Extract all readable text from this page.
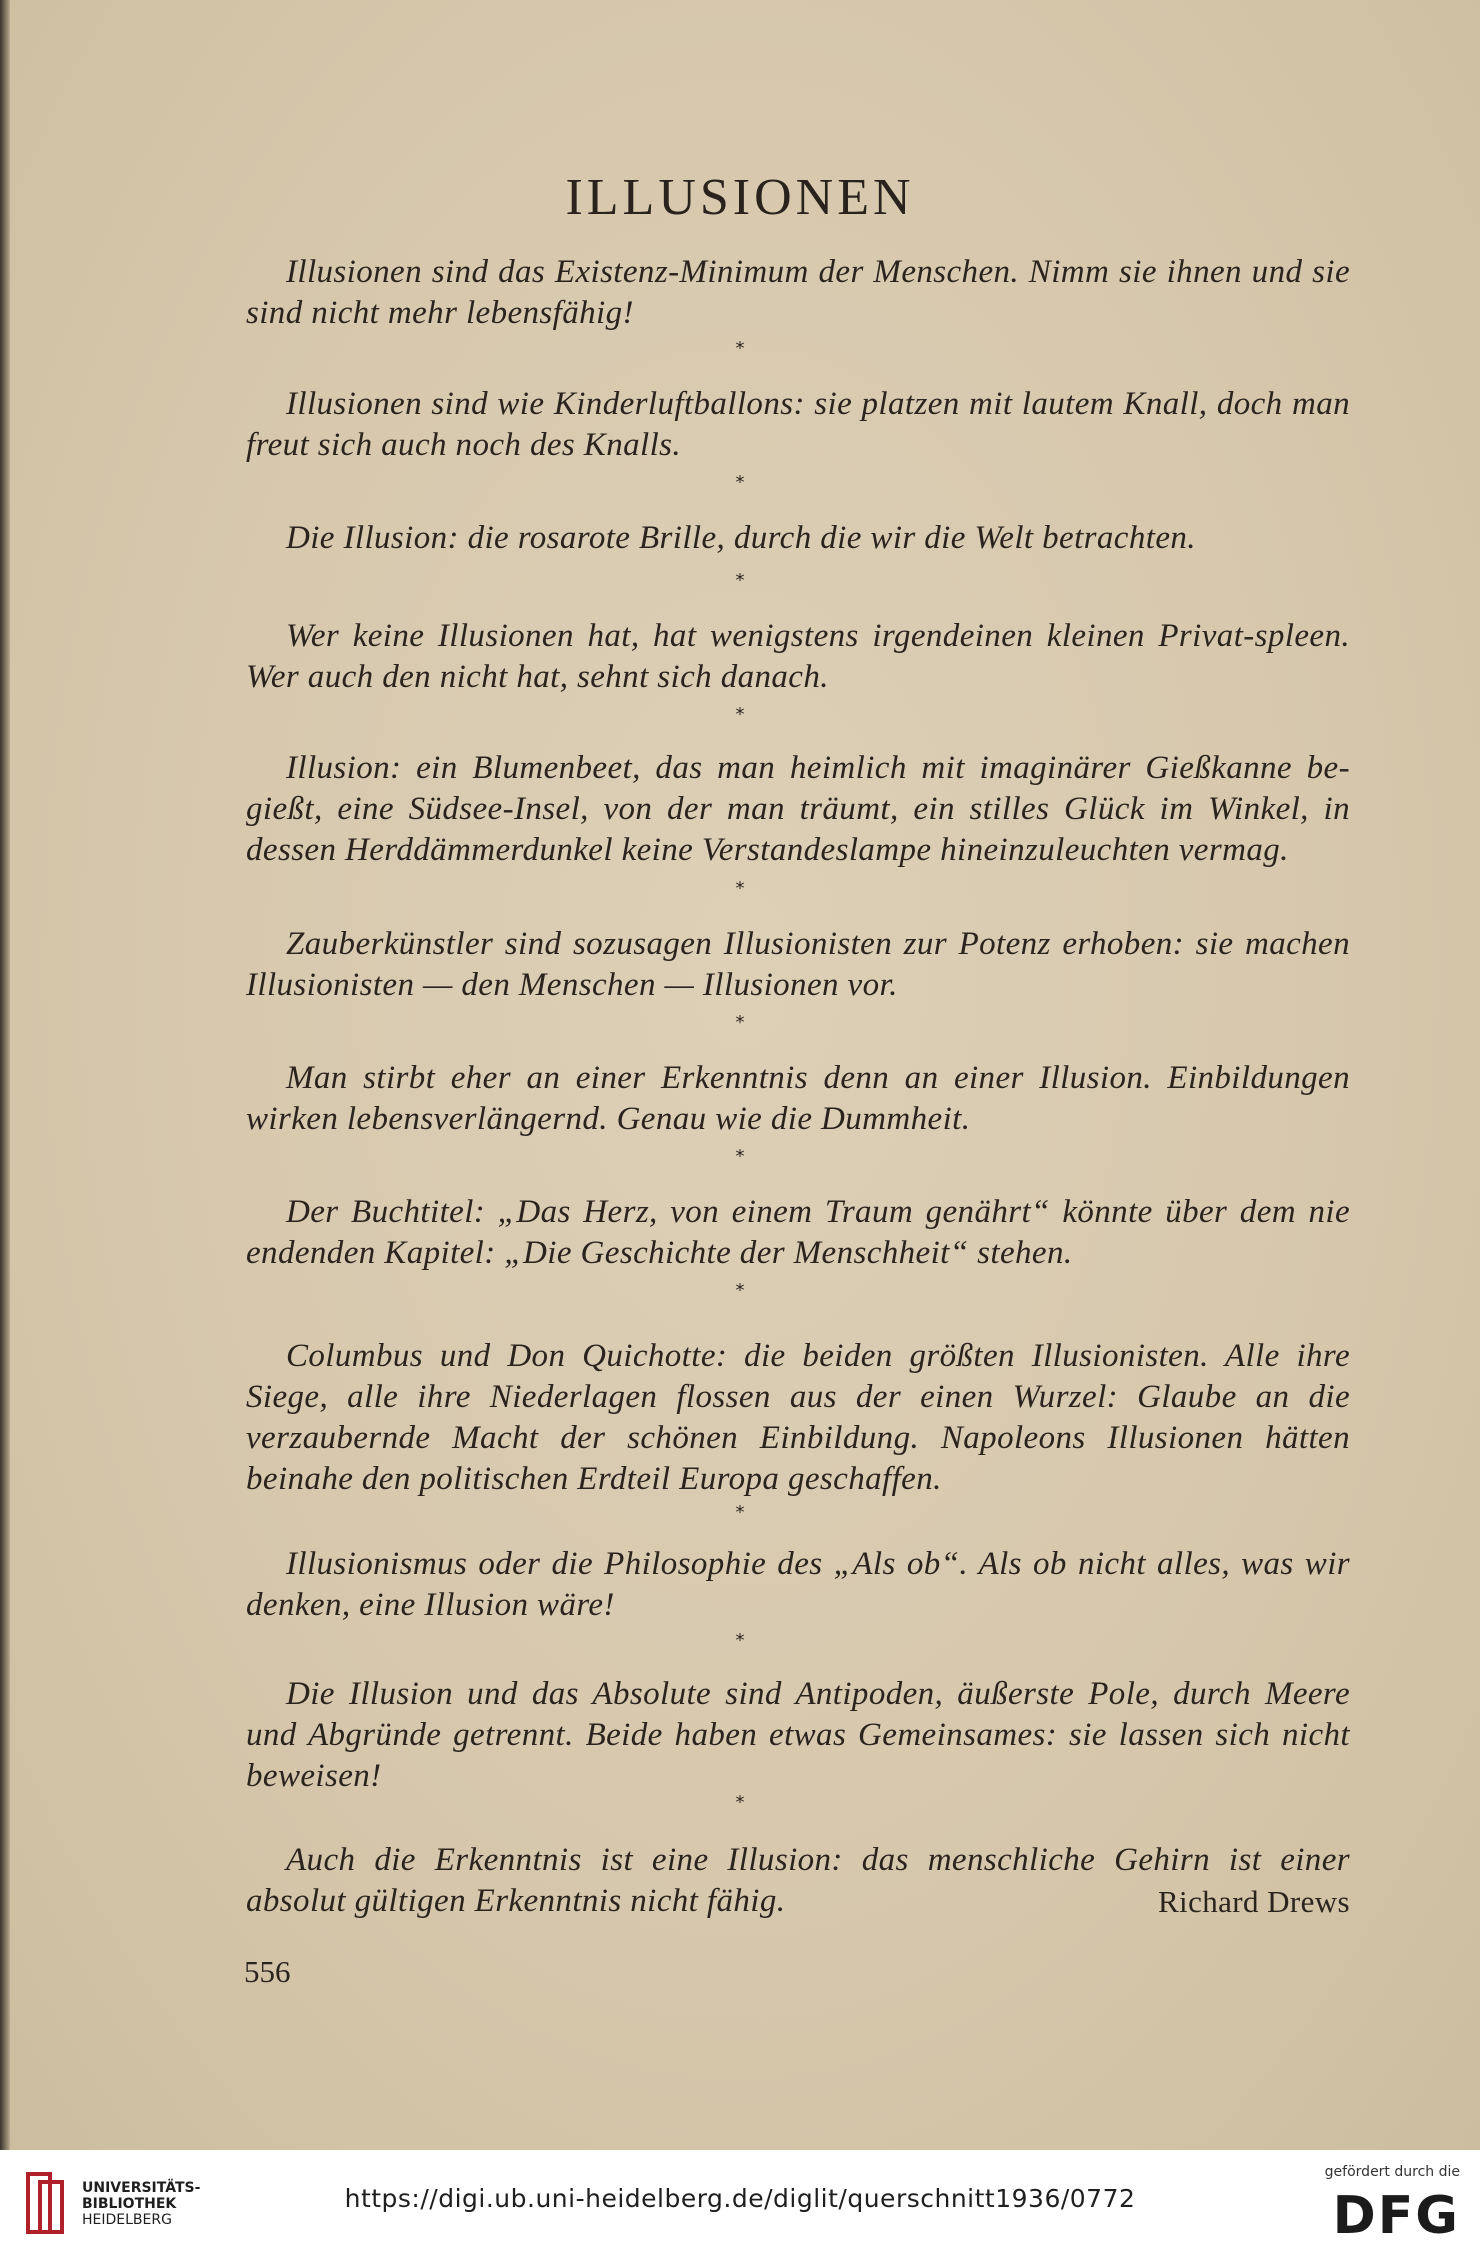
ILLUSIONEN
Illusionen sind das Existenz-Minimum der Menschen. Nimm sie ihnen und sie sind nicht mehr lebensfähig!
*
Illusionen sind wie Kinderluftballons: sie platzen mit lautem Knall, doch man freut sich auch noch des Knalls.
*
Die Illusion: die rosarote Brille, durch die wir die Welt betrachten.
*
Wer keine Illusionen hat, hat wenigstens irgendeinen kleinen Privat-spleen. Wer auch den nicht hat, sehnt sich danach.
*
Illusion: ein Blumenbeet, das man heimlich mit imaginärer Gießkanne be-gießt, eine Südsee-Insel, von der man träumt, ein stilles Glück im Winkel, in dessen Herddämmerdunkel keine Verstandeslampe hineinzuleuchten vermag.
*
Zauberkünstler sind sozusagen Illusionisten zur Potenz erhoben: sie machen Illusionisten — den Menschen — Illusionen vor.
*
Man stirbt eher an einer Erkenntnis denn an einer Illusion. Einbildungen wirken lebensverlängernd. Genau wie die Dummheit.
*
Der Buchtitel: „Das Herz, von einem Traum genährt“ könnte über dem nie endenden Kapitel: „Die Geschichte der Menschheit“ stehen.
*
Columbus und Don Quichotte: die beiden größten Illusionisten. Alle ihre Siege, alle ihre Niederlagen flossen aus der einen Wurzel: Glaube an die verzaubernde Macht der schönen Einbildung. Napoleons Illusionen hätten beinahe den politischen Erdteil Europa geschaffen.
*
Illusionismus oder die Philosophie des „Als ob“. Als ob nicht alles, was wir denken, eine Illusion wäre!
*
Die Illusion und das Absolute sind Antipoden, äußerste Pole, durch Meere und Abgründe getrennt. Beide haben etwas Gemeinsames: sie lassen sich nicht beweisen!
*
Auch die Erkenntnis ist eine Illusion: das menschliche Gehirn ist einer absolut gültigen Erkenntnis nicht fähig.	Richard Drews
556
UNIVERSITÄTS-
BIBLIOTHEK
HEIDELBERG
https://digi.ub.uni-heidelberg.de/diglit/querschnitt1936/0772
gefördert durch die
DFG
